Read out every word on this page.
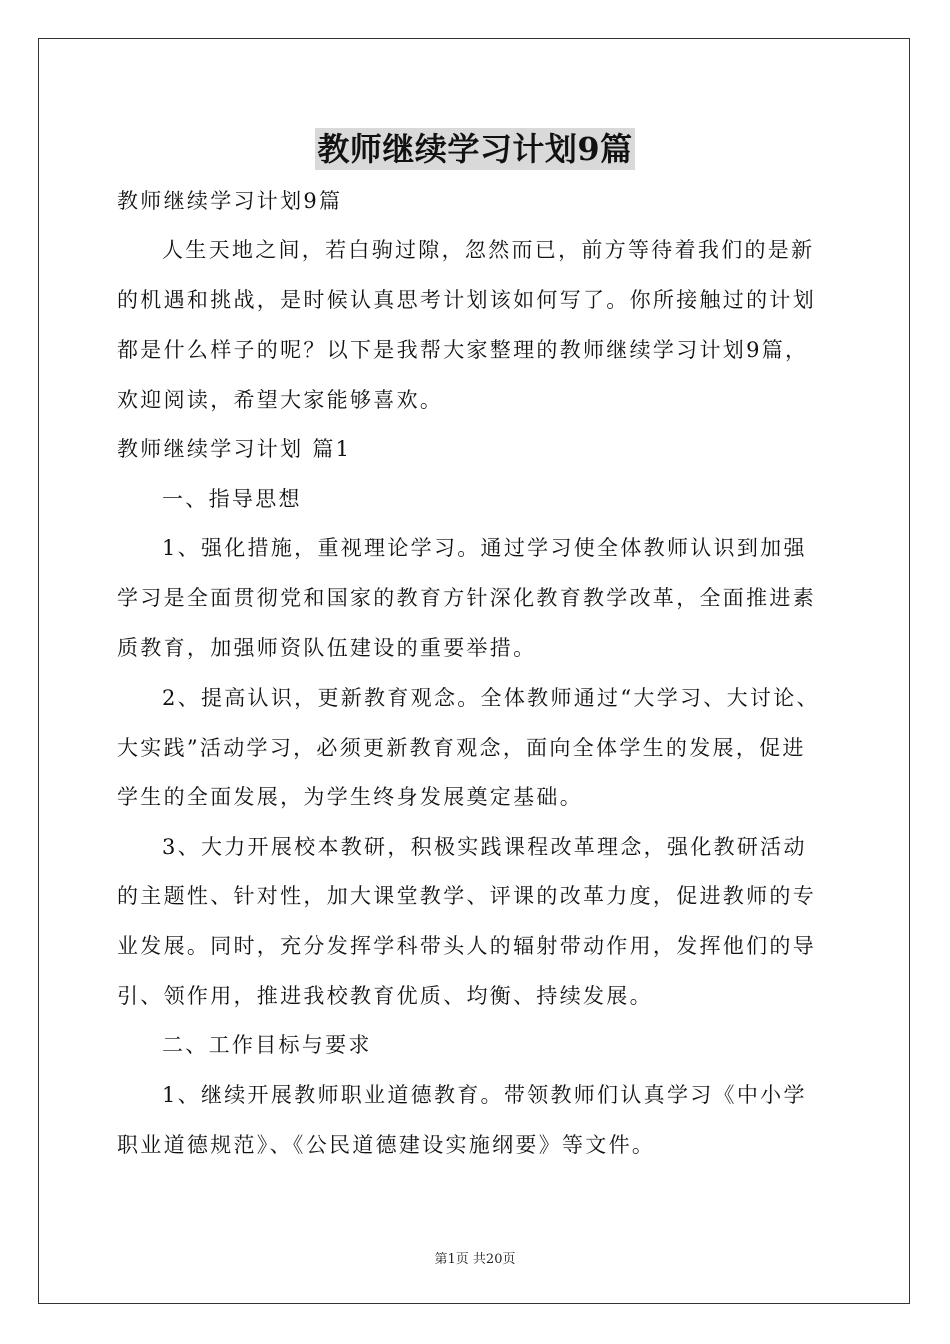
教师继续学习计划9篇
教师继续学习计划9篇
人生天地之间，若白驹过隙，忽然而已，前方等待着我们的是新
的机遇和挑战，是时候认真思考计划该如何写了。你所接触过的计划
都是什么样子的呢？以下是我帮大家整理的教师继续学习计划9篇，
欢迎阅读，希望大家能够喜欢。
教师继续学习计划 篇1
一、指导思想
1、强化措施，重视理论学习。通过学习使全体教师认识到加强
学习是全面贯彻党和国家的教育方针深化教育教学改革，全面推进素
质教育，加强师资队伍建设的重要举措。
2、提高认识，更新教育观念。全体教师通过“大学习、大讨论、
大实践”活动学习，必须更新教育观念，面向全体学生的发展，促进
学生的全面发展，为学生终身发展奠定基础。
3、大力开展校本教研，积极实践课程改革理念，强化教研活动
的主题性、针对性，加大课堂教学、评课的改革力度，促进教师的专
业发展。同时，充分发挥学科带头人的辐射带动作用，发挥他们的导
引、领作用，推进我校教育优质、均衡、持续发展。
二、工作目标与要求
1、继续开展教师职业道德教育。带领教师们认真学习《中小学
职业道德规范》、《公民道德建设实施纲要》等文件。
第1页 共20页
